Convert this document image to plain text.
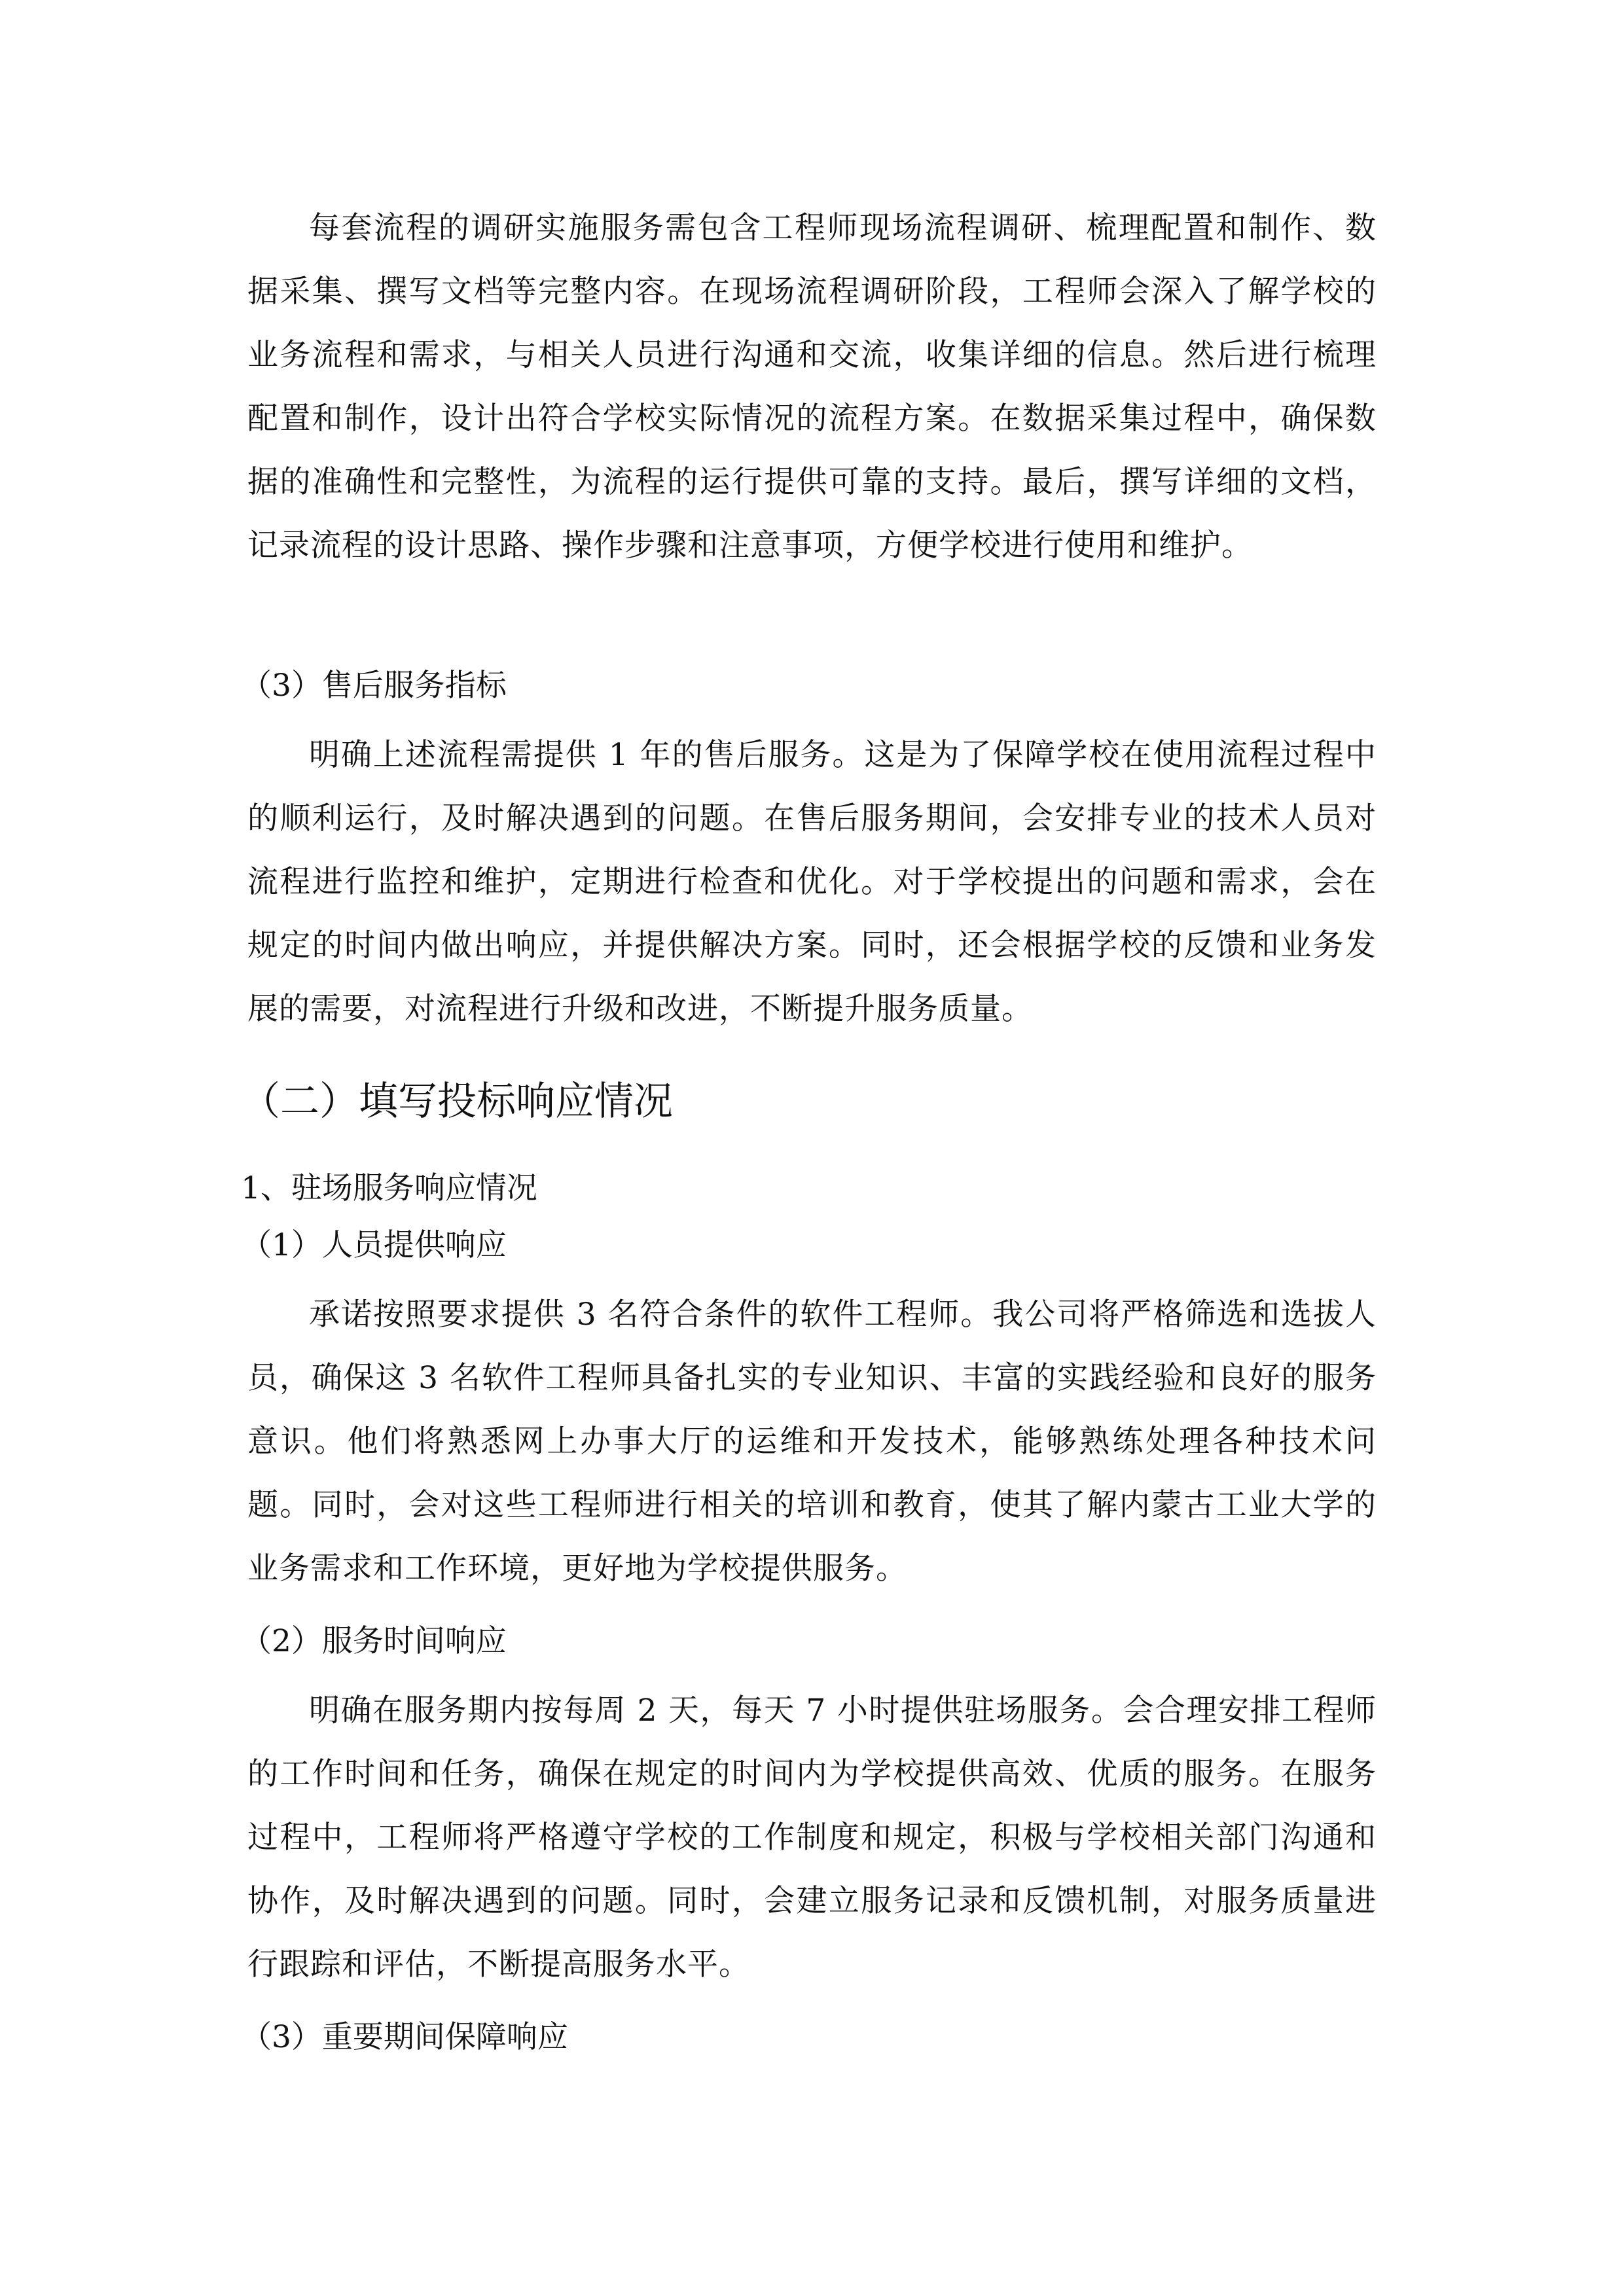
每套流程的调研实施服务需包含工程师现场流程调研、梳理配置和制作、数据采集、撰写文档等完整内容。在现场流程调研阶段，工程师会深入了解学校的业务流程和需求，与相关人员进行沟通和交流，收集详细的信息。然后进行梳理配置和制作，设计出符合学校实际情况的流程方案。在数据采集过程中，确保数据的准确性和完整性，为流程的运行提供可靠的支持。最后，撰写详细的文档，记录流程的设计思路、操作步骤和注意事项，方便学校进行使用和维护。

（3）售后服务指标

明确上述流程需提供 1 年的售后服务。这是为了保障学校在使用流程过程中的顺利运行，及时解决遇到的问题。在售后服务期间，会安排专业的技术人员对流程进行监控和维护，定期进行检查和优化。对于学校提出的问题和需求，会在规定的时间内做出响应，并提供解决方案。同时，还会根据学校的反馈和业务发展的需要，对流程进行升级和改进，不断提升服务质量。

（二）填写投标响应情况

1、驻场服务响应情况

（1）人员提供响应

承诺按照要求提供 3 名符合条件的软件工程师。我公司将严格筛选和选拔人员，确保这 3 名软件工程师具备扎实的专业知识、丰富的实践经验和良好的服务意识。他们将熟悉网上办事大厅的运维和开发技术，能够熟练处理各种技术问题。同时，会对这些工程师进行相关的培训和教育，使其了解内蒙古工业大学的业务需求和工作环境，更好地为学校提供服务。

（2）服务时间响应

明确在服务期内按每周 2 天，每天 7 小时提供驻场服务。会合理安排工程师的工作时间和任务，确保在规定的时间内为学校提供高效、优质的服务。在服务过程中，工程师将严格遵守学校的工作制度和规定，积极与学校相关部门沟通和协作，及时解决遇到的问题。同时，会建立服务记录和反馈机制，对服务质量进行跟踪和评估，不断提高服务水平。

（3）重要期间保障响应
